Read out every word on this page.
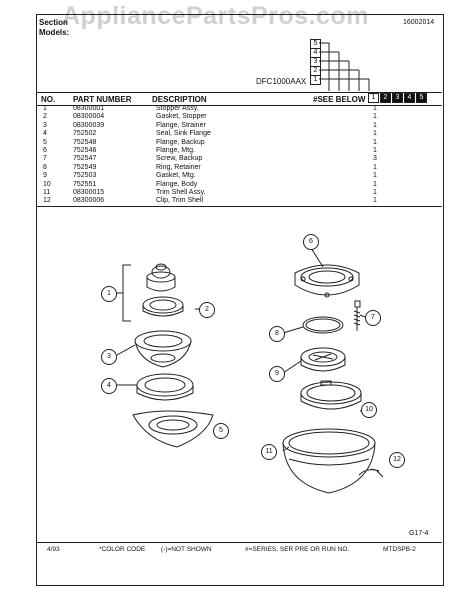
AppliancePartsPros.com
Section
Models:
16002014
DFC1000AAX
5
4
3
2
1
NO. PART NUMBER	DESCRIPTION	#SEE BELOW 1	2	3	4	5
1	08300001	Stopper Assy.	1
2	08300004	Gasket, Stopper	1
3	08300039	Flange, Strainer	1
4	752502	Seal, Sink Flange	1
5	752548	Flange, Backup	1
6	752546	Flange, Mtg.	1
7	752547	Screw, Backup	3
8	752549	Ring, Retainer	1
9	752503	Gasket, Mtg.	1
10	752551	Flange, Body	1
11	08300015	Trim Shell Assy.	1
12	08300006	Clip, Trim Shell	1
1
2
3
4
5
6
7
8
9
10
11
12
G17-4
4/93	*COLOR CODE (-)=NOT SHOWN	#=SERIES, SER PRE OR RUN NO.	MTDSPB-2
